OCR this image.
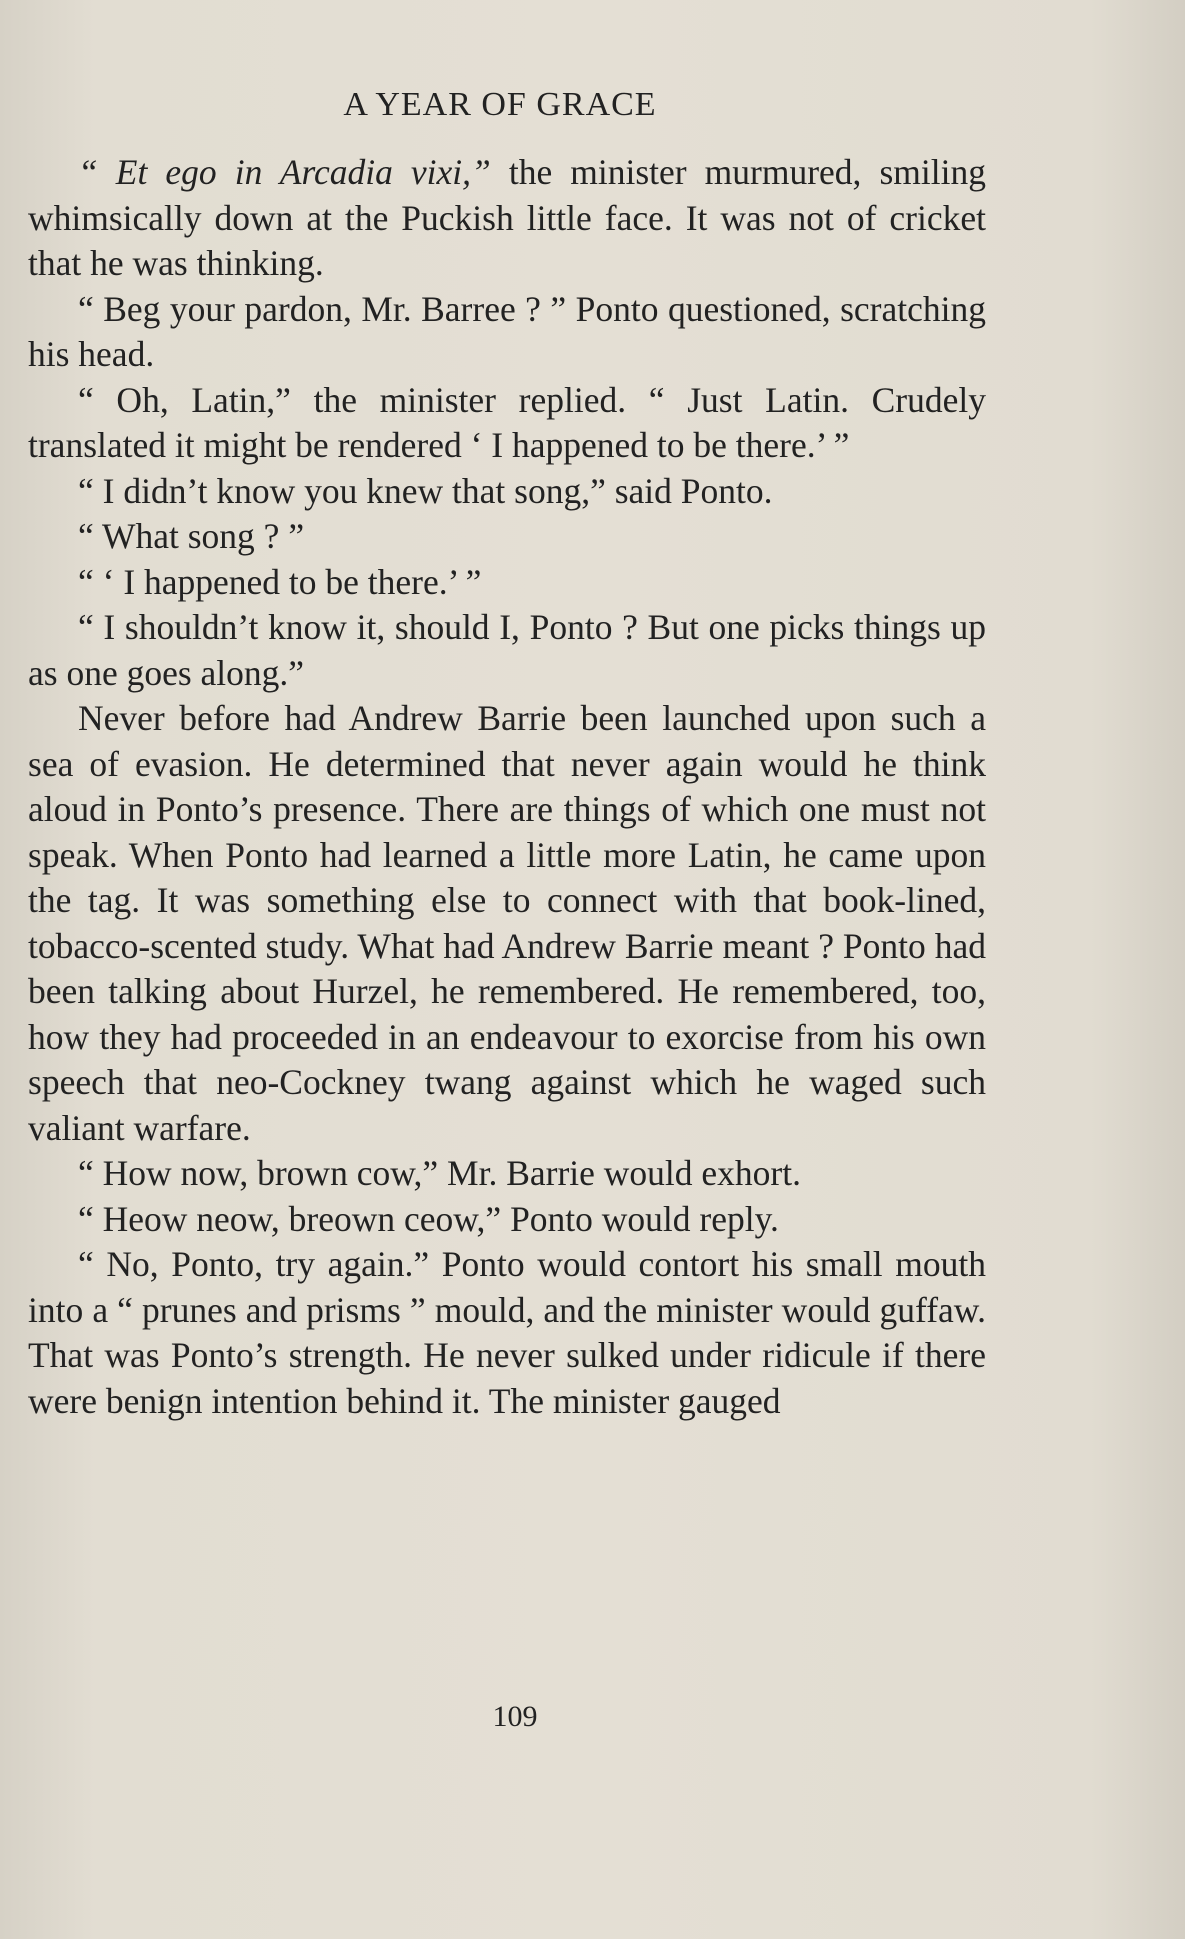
A YEAR OF GRACE

“ Et ego in Arcadia vixi,” the minister murmured, smiling whimsically down at the Puckish little face. It was not of cricket that he was thinking.

“ Beg your pardon, Mr. Barree ? ” Ponto questioned, scratching his head.

“ Oh, Latin,” the minister replied. “ Just Latin. Crudely translated it might be rendered ‘ I happened to be there.’ ”

“ I didn’t know you knew that song,” said Ponto.

“ What song ? ”

“ ‘ I happened to be there.’ ”

“ I shouldn’t know it, should I, Ponto ? But one picks things up as one goes along.”

Never before had Andrew Barrie been launched upon such a sea of evasion. He determined that never again would he think aloud in Ponto’s presence. There are things of which one must not speak. When Ponto had learned a little more Latin, he came upon the tag. It was something else to connect with that book-lined, tobacco-scented study. What had Andrew Barrie meant ? Ponto had been talking about Hurzel, he remembered. He remembered, too, how they had proceeded in an endeavour to exorcise from his own speech that neo-Cockney twang against which he waged such valiant warfare.

“ How now, brown cow,” Mr. Barrie would exhort.

“ Heow neow, breown ceow,” Ponto would reply.

“ No, Ponto, try again.” Ponto would contort his small mouth into a “ prunes and prisms ” mould, and the minister would guffaw. That was Ponto’s strength. He never sulked under ridicule if there were benign intention behind it. The minister gauged

109
